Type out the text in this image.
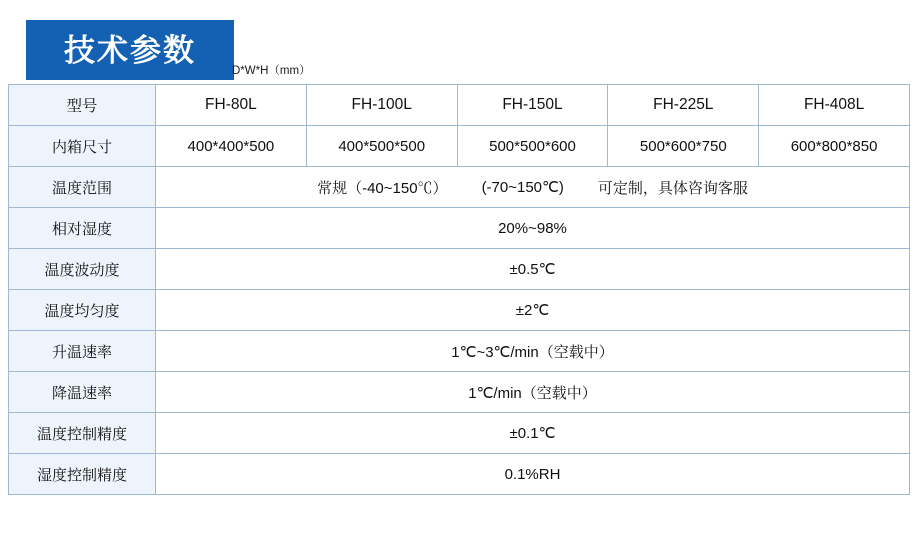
技术参数
D*W*H（mm）
型号	FH-80L	FH-100L	FH-150L	FH-225L	FH-408L
内箱尺寸	400*400*500	400*500*500	500*500*600	500*600*750	600*800*850
温度范围	常规（-40~150℃） (-70~150℃) 可定制，具体咨询客服				

相对湿度	20%~98%				
温度波动度	±0.5℃				
温度均匀度	±2℃				
升温速率	1℃~3℃/min（空载中）				
降温速率	1℃/min（空载中）				
温度控制精度	±0.1℃				
湿度控制精度	0.1%RH				
